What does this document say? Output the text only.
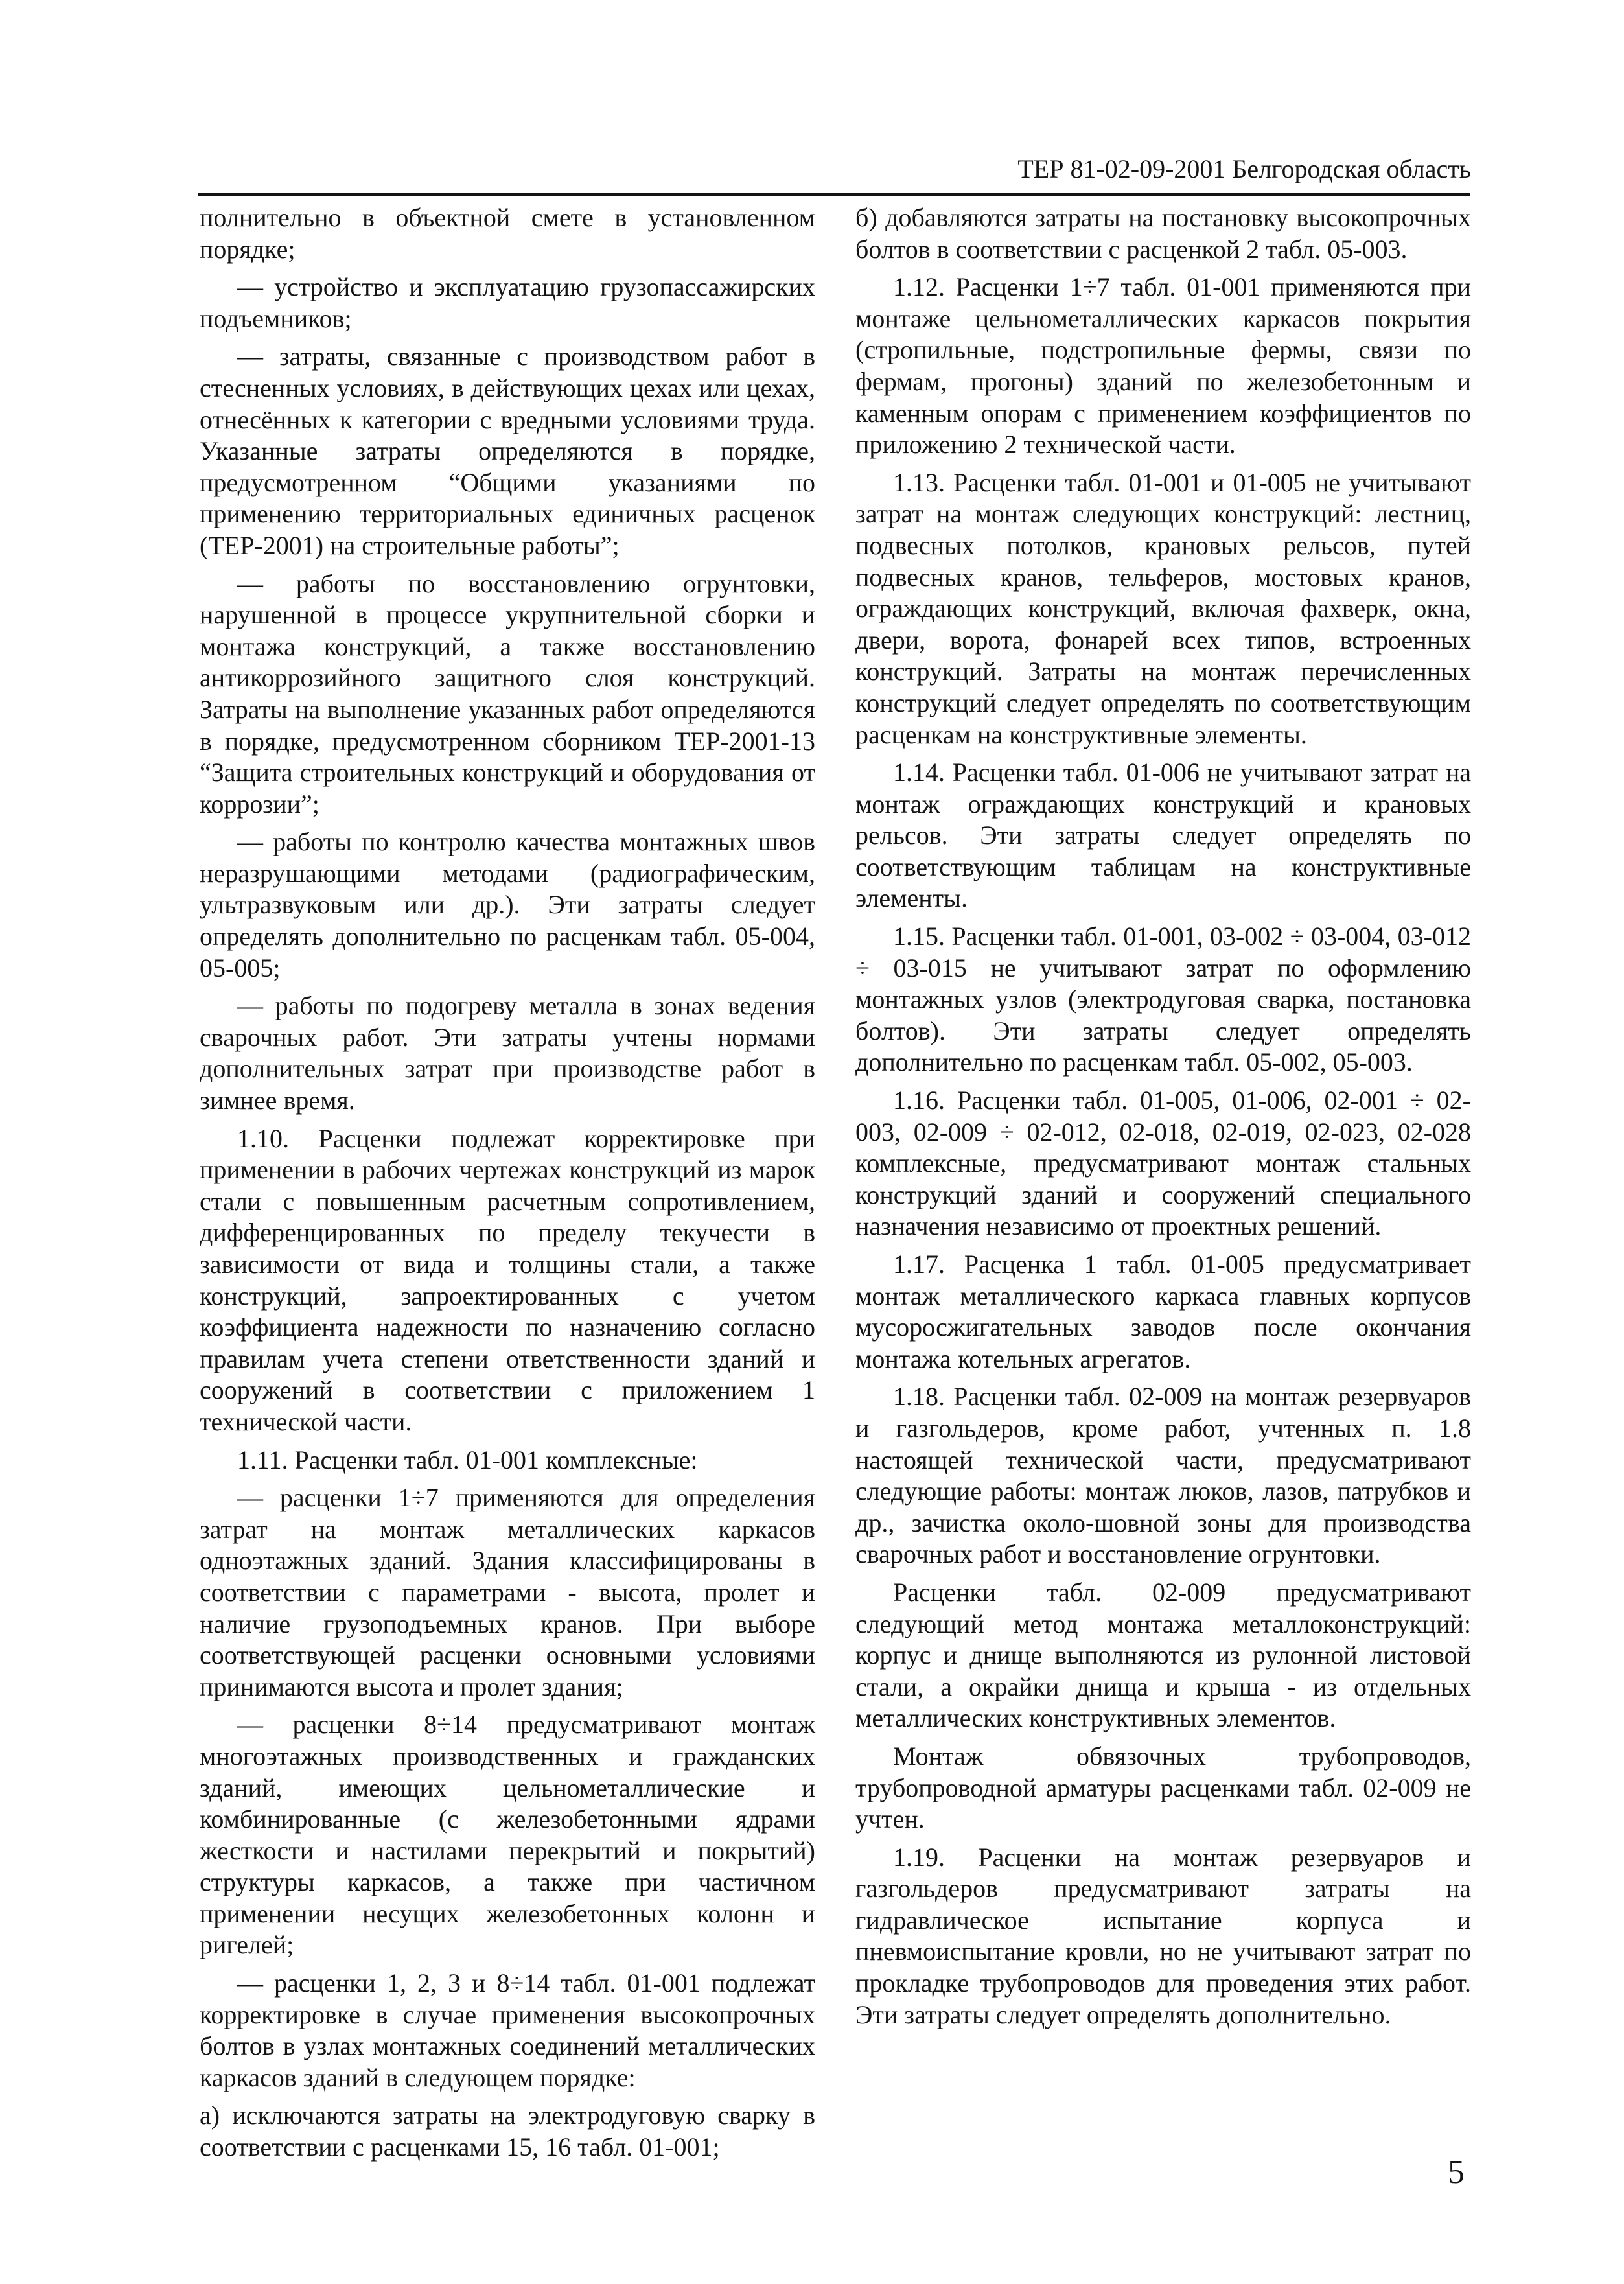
ТЕР 81-02-09-2001 Белгородская область

полнительно в объектной смете в установленном порядке;

— устройство и эксплуатацию грузопассажирских подъемников;

— затраты, связанные с производством работ в стесненных условиях, в действующих цехах или цехах, отнесённых к категории с вредными условиями труда. Указанные затраты определяются в порядке, предусмотренном “Общими указаниями по применению территориальных единичных расценок (ТЕР-2001) на строительные работы”;

— работы по восстановлению огрунтовки, нарушенной в процессе укрупнительной сборки и монтажа конструкций, а также восстановлению антикоррозийного защитного слоя конструкций. Затраты на выполнение указанных работ определяются в порядке, предусмотренном сборником ТЕР-2001-13 “Защита строительных конструкций и оборудования от коррозии”;

— работы по контролю качества монтажных швов неразрушающими методами (радиографическим, ультразвуковым или др.). Эти затраты следует определять дополнительно по расценкам табл. 05-004, 05-005;

— работы по подогреву металла в зонах ведения сварочных работ. Эти затраты учтены нормами дополнительных затрат при производстве работ в зимнее время.

1.10. Расценки подлежат корректировке при применении в рабочих чертежах конструкций из марок стали с повышенным расчетным сопротивлением, дифференцированных по пределу текучести в зависимости от вида и толщины стали, а также конструкций, запроектированных с учетом коэффициента надежности по назначению согласно правилам учета степени ответственности зданий и сооружений в соответствии с приложением 1 технической части.

1.11. Расценки табл. 01-001 комплексные:

— расценки 1÷7 применяются для определения затрат на монтаж металлических каркасов одноэтажных зданий. Здания классифицированы в соответствии с параметрами - высота, пролет и наличие грузоподъемных кранов. При выборе соответствующей расценки основными условиями принимаются высота и пролет здания;

— расценки 8÷14 предусматривают монтаж многоэтажных производственных и гражданских зданий, имеющих цельнометаллические и комбинированные (с железобетонными ядрами жесткости и настилами перекрытий и покрытий) структуры каркасов, а также при частичном применении несущих железобетонных колонн и ригелей;

— расценки 1, 2, 3 и 8÷14 табл. 01-001 подлежат корректировке в случае применения высокопрочных болтов в узлах монтажных соединений металлических каркасов зданий в следующем порядке:

а) исключаются затраты на электродуговую сварку в соответствии с расценками 15, 16 табл. 01-001;

б) добавляются затраты на постановку высокопрочных болтов в соответствии с расценкой 2 табл. 05-003.

1.12. Расценки 1÷7 табл. 01-001 применяются при монтаже цельнометаллических каркасов покрытия (стропильные, подстропильные фермы, связи по фермам, прогоны) зданий по железобетонным и каменным опорам с применением коэффициентов по приложению 2 технической части.

1.13. Расценки табл. 01-001 и 01-005 не учитывают затрат на монтаж следующих конструкций: лестниц, подвесных потолков, крановых рельсов, путей подвесных кранов, тельферов, мостовых кранов, ограждающих конструкций, включая фахверк, окна, двери, ворота, фонарей всех типов, встроенных конструкций. Затраты на монтаж перечисленных конструкций следует определять по соответствующим расценкам на конструктивные элементы.

1.14. Расценки табл. 01-006 не учитывают затрат на монтаж ограждающих конструкций и крановых рельсов. Эти затраты следует определять по соответствующим таблицам на конструктивные элементы.

1.15. Расценки табл. 01-001, 03-002 ÷ 03-004, 03-012 ÷ 03-015 не учитывают затрат по оформлению монтажных узлов (электродуговая сварка, постановка болтов). Эти затраты следует определять дополнительно по расценкам табл. 05-002, 05-003.

1.16. Расценки табл. 01-005, 01-006, 02-001 ÷ 02-003, 02-009 ÷ 02-012, 02-018, 02-019, 02-023, 02-028 комплексные, предусматривают монтаж стальных конструкций зданий и сооружений специального назначения независимо от проектных решений.

1.17. Расценка 1 табл. 01-005 предусматривает монтаж металлического каркаса главных корпусов мусоросжигательных заводов после окончания монтажа котельных агрегатов.

1.18. Расценки табл. 02-009 на монтаж резервуаров и газгольдеров, кроме работ, учтенных п. 1.8 настоящей технической части, предусматривают следующие работы: монтаж люков, лазов, патрубков и др., зачистка около-шовной зоны для производства сварочных работ и восстановление огрунтовки.

Расценки табл. 02-009 предусматривают следующий метод монтажа металлоконструкций: корпус и днище выполняются из рулонной листовой стали, а окрайки днища и крыша - из отдельных металлических конструктивных элементов.

Монтаж обвязочных трубопроводов, трубопроводной арматуры расценками табл. 02-009 не учтен.

1.19. Расценки на монтаж резервуаров и газгольдеров предусматривают затраты на гидравлическое испытание корпуса и пневмоиспытание кровли, но не учитывают затрат по прокладке трубопроводов для проведения этих работ. Эти затраты следует определять дополнительно.

5
